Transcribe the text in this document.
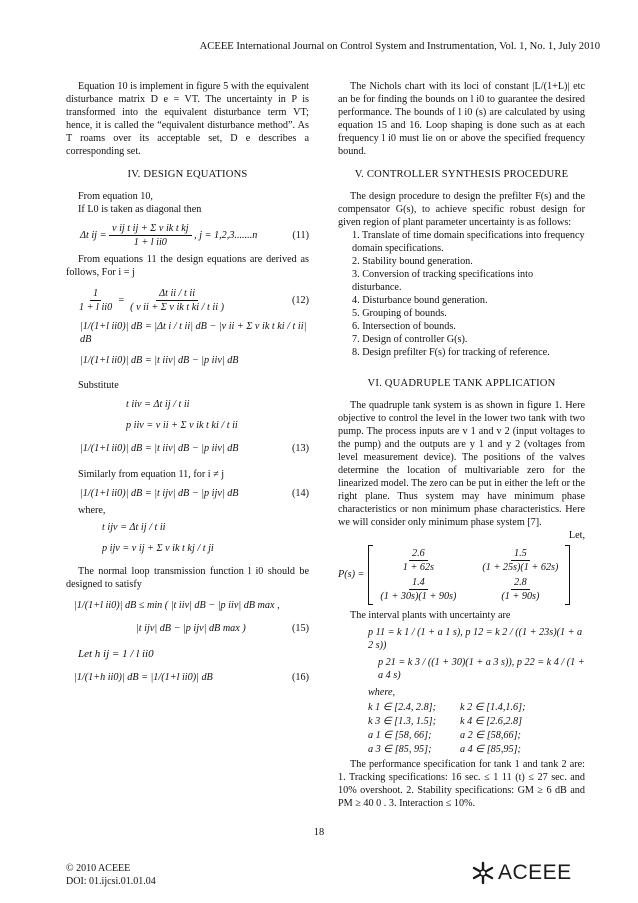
ACEEE International Journal on Control System and Instrumentation, Vol. 1, No. 1, July 2010

Equation 10 is implement in figure 5 with the equivalent disturbance matrix D e = VT. The uncertainty in P is transformed into the equivalent disturbance term VT; hence, it is called the “equivalent disturbance method”. As T roams over its acceptable set, D e describes a corresponding set.

IV. DESIGN EQUATIONS
From equation 10,
If L0 is taken as diagonal then
Δt ij = $\frac{\text{v ij t ij + Σ v ik t kj}}{\text{1 + l ii0}}$ , j = 1,2,3.......n	(11)

From equations 11 the design equations are derived as follows, For i = j

$\frac{1}{\text{1 + l ii0}} = \frac{\text{Δt ii / t ii}}{\text{( v ii + Σ v ik t ki / t ii )}}$	(12)
|1/(1+l ii0)| dB = |Δt i / t ii| dB − |v ii + Σ v ik t ki / t ii| dB
|1/(1+l ii0)| dB = |t iiv| dB − |p iiv| dB
Substitute
t iiv = Δt ij / t ii
p iiv = v ii + Σ v ik t ki / t ii
|1/(1+l ii0)| dB = |t iiv| dB − |p iiv| dB	(13)
Similarly from equation 11, for i ≠ j
|1/(1+l ii0)| dB = |t ijv| dB − |p ijv| dB	(14)
where,
t ijv = Δt ij / t ii
p ijv = v ij + Σ v ik t kj / t ji

The normal loop transmission function l i0 should be designed to satisfy

|1/(1+l ii0)| dB ≤ min ( |t iiv| dB − |p iiv| dB max ,
|t ijv| dB − |p ijv| dB max )	(15)
Let h ij = 1 / l ii0
|1/(1+h ii0)| dB = |1/(1+l ii0)| dB	(16)

The Nichols chart with its loci of constant |L/(1+L)| etc an be for finding the bounds on l i0 to guarantee the desired performance. The bounds of l i0 (s) are calculated by using equation 15 and 16. Loop shaping is done such as at each frequency l i0 must lie on or above the specified frequency bound.

V. CONTROLLER SYNTHESIS PROCEDURE

The design procedure to design the prefilter F(s) and the compensator G(s), to achieve specific robust design for given region of plant parameter uncertainty is as follows:

1. Translate of time domain specifications into frequency domain specifications.
2. Stability bound generation.
3. Conversion of tracking specifications into disturbance.
4. Disturbance bound generation.
5. Grouping of bounds.
6. Intersection of bounds.
7. Design of controller G(s).
8. Design prefilter F(s) for tracking of reference.
VI. QUADRUPLE TANK APPLICATION

The quadruple tank system is as shown in figure 1. Here objective to control the level in the lower two tank with two pump. The process inputs are v 1 and v 2 (input voltages to the pump) and the outputs are y 1 and y 2 (voltages from level measurement device). The positions of the valves determine the location of multivariable zero for the linearized model. The zero can be put in either the left or the right plane. Thus system may have minimum phase characteristics or non minimum phase characteristics. Here we will consider only minimum phase system [7].

Let,
P(s) =
$\frac{2.6}{1 + 62s} \frac{1.5}{(1 + 25s)(1 + 62s)}$
$\frac{1.4}{(1 + 30s)(1 + 90s)} \frac{2.8}{(1 + 90s)}$
The interval plants with uncertainty are
p 11 = k 1 / (1 + a 1 s), p 12 = k 2 / ((1 + 23s)(1 + a 2 s))
p 21 = k 3 / ((1 + 30)(1 + a 3 s)), p 22 = k 4 / (1 + a 4 s)
where,
k 1 ∈ [2.4, 2.8];	k 2 ∈ [1.4,1.6];
k 3 ∈ [1.3, 1.5];	k 4 ∈ [2.6,2.8]
a 1 ∈ [58, 66];	a 2 ∈ [58,66];
a 3 ∈ [85, 95];	a 4 ∈ [85,95];

The performance specification for tank 1 and tank 2 are: 1. Tracking specifications: 16 sec. ≤ 1 11 (t) ≤ 27 sec. and 10% overshoot. 2. Stability specifications: GM ≥ 6 dB and PM ≥ 40 0 . 3. Interaction ≤ 10%.

18
© 2010 ACEEE
DOI: 01.ijcsi.01.01.04	ACEEE
